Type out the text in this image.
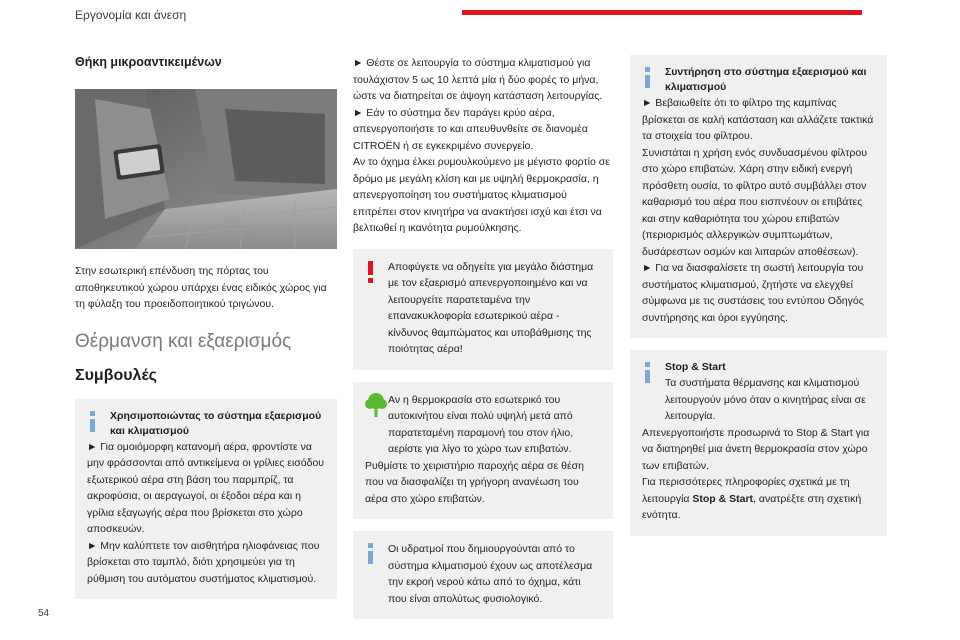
Εργονομία και άνεση
Θήκη μικροαντικειμένων

Στην εσωτερική επένδυση της πόρτας του αποθηκευτικού χώρου υπάρχει ένας ειδικός χώρος για τη φύλαξη του προειδοποιητικού τριγώνου.

Θέρμανση και εξαερισμός
Συμβουλές
Χρησιμοποιώντας το σύστημα εξαερισμού και κλιματισμού

► Για ομοιόμορφη κατανομή αέρα, φροντίστε να μην φράσσονται από αντικείμενα οι γρίλιες εισόδου εξωτερικού αέρα στη βάση του παρμπρίζ, τα ακροφύσια, οι αεραγωγοί, οι έξοδοι αέρα και η γρίλια εξαγωγής αέρα που βρίσκεται στο χώρο αποσκευών.

► Μην καλύπτετε τον αισθητήρα ηλιοφάνειας που βρίσκεται στο ταμπλό, διότι χρησιμεύει για τη ρύθμιση του αυτόματου συστήματος κλιματισμού.

► Θέστε σε λειτουργία το σύστημα κλιματισμού για τουλάχιστον 5 ως 10 λεπτά μία ή δύο φορές το μήνα, ώστε να διατηρείται σε άψογη κατάσταση λειτουργίας.

► Εάν το σύστημα δεν παράγει κρύο αέρα, απενεργοποιήστε το και απευθυνθείτε σε διανομέα CITROËN ή σε εγκεκριμένο συνεργείο.

Αν το όχημα έλκει ρυμουλκούμενο με μέγιστο φορτίο σε δρόμο με μεγάλη κλίση και με υψηλή θερμοκρασία, η απενεργοποίηση του συστήματος κλιματισμού επιτρέπει στον κινητήρα να ανακτήσει ισχύ και έτσι να βελτιωθεί η ικανότητα ρυμούλκησης.

Αποφύγετε να οδηγείτε για μεγάλο διάστημα με τον εξαερισμό απενεργοποιημένο και να λειτουργείτε παρατεταμένα την επανακυκλοφορία εσωτερικού αέρα - κίνδυνος θαμπώματος και υποβάθμισης της ποιότητας αέρα!

Αν η θερμοκρασία στο εσωτερικό του αυτοκινήτου είναι πολύ υψηλή μετά από παρατεταμένη παραμονή του στον ήλιο, αερίστε για λίγο το χώρο των επιβατών.

Ρυθμίστε το χειριστήριο παροχής αέρα σε θέση που να διασφαλίζει τη γρήγορη ανανέωση του αέρα στο χώρο επιβατών.

Οι υδρατμοί που δημιουργούνται από το σύστημα κλιματισμού έχουν ως αποτέλεσμα την εκροή νερού κάτω από το όχημα, κάτι που είναι απολύτως φυσιολογικό.

Συντήρηση στο σύστημα εξαερισμού και κλιματισμού

► Βεβαιωθείτε ότι το φίλτρο της καμπίνας βρίσκεται σε καλή κατάσταση και αλλάζετε τακτικά τα στοιχεία του φίλτρου.

Συνιστάται η χρήση ενός συνδυασμένου φίλτρου στο χώρο επιβατών. Χάρη στην ειδική ενεργή πρόσθετη ουσία, το φίλτρο αυτό συμβάλλει στον καθαρισμό του αέρα που εισπνέουν οι επιβάτες και στην καθαριότητα του χώρου επιβατών (περιορισμός αλλεργικών συμπτωμάτων, δυσάρεστων οσμών και λιπαρών αποθέσεων).

► Για να διασφαλίσετε τη σωστή λειτουργία του συστήματος κλιματισμού, ζητήστε να ελεγχθεί σύμφωνα με τις συστάσεις του εντύπου Οδηγός συντήρησης και όροι εγγύησης.

Stop & Start

Τα συστήματα θέρμανσης και κλιματισμού λειτουργούν μόνο όταν ο κινητήρας είναι σε λειτουργία.

Απενεργοποιήστε προσωρινά το Stop & Start για να διατηρηθεί μια άνετη θερμοκρασία στον χώρο των επιβατών.

Για περισσότερες πληροφορίες σχετικά με τη λειτουργία Stop & Start, ανατρέξτε στη σχετική ενότητα.

54
